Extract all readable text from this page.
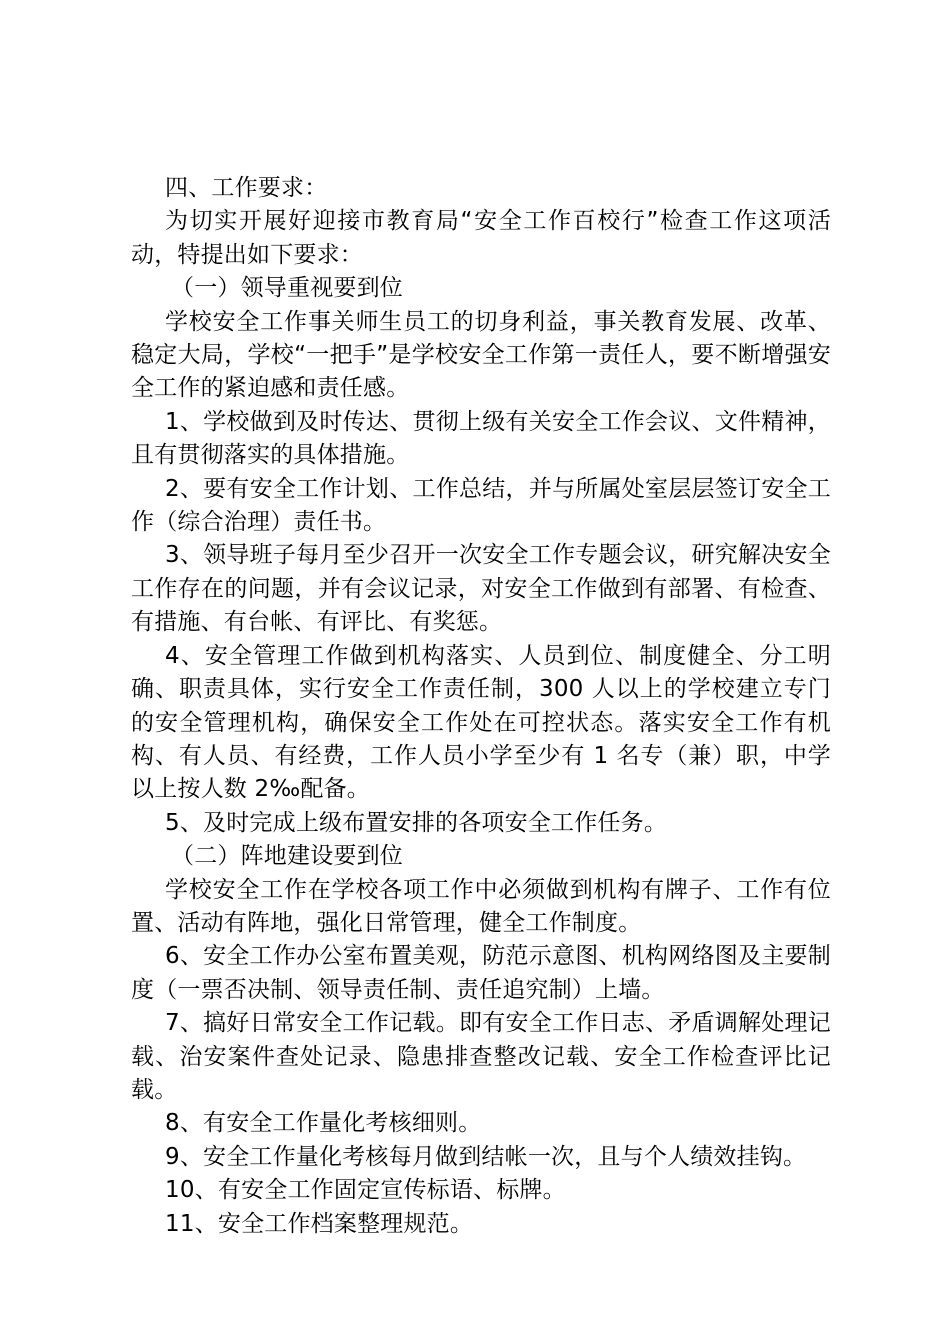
四、工作要求：

为切实开展好迎接市教育局“安全工作百校行”检查工作这项活动，特提出如下要求：

（一）领导重视要到位

学校安全工作事关师生员工的切身利益，事关教育发展、改革、稳定大局，学校“一把手”是学校安全工作第一责任人，要不断增强安全工作的紧迫感和责任感。

1、学校做到及时传达、贯彻上级有关安全工作会议、文件精神，且有贯彻落实的具体措施。

2、要有安全工作计划、工作总结，并与所属处室层层签订安全工作（综合治理）责任书。

3、领导班子每月至少召开一次安全工作专题会议，研究解决安全工作存在的问题，并有会议记录，对安全工作做到有部署、有检查、有措施、有台帐、有评比、有奖惩。

4、安全管理工作做到机构落实、人员到位、制度健全、分工明确、职责具体，实行安全工作责任制，300 人以上的学校建立专门的安全管理机构，确保安全工作处在可控状态。落实安全工作有机构、有人员、有经费，工作人员小学至少有 1 名专（兼）职，中学以上按人数 2‰配备。

5、及时完成上级布置安排的各项安全工作任务。

（二）阵地建设要到位

学校安全工作在学校各项工作中必须做到机构有牌子、工作有位置、活动有阵地，强化日常管理，健全工作制度。

6、安全工作办公室布置美观，防范示意图、机构网络图及主要制度（一票否决制、领导责任制、责任追究制）上墙。

7、搞好日常安全工作记载。即有安全工作日志、矛盾调解处理记载、治安案件查处记录、隐患排查整改记载、安全工作检查评比记载。

8、有安全工作量化考核细则。

9、安全工作量化考核每月做到结帐一次，且与个人绩效挂钩。

10、有安全工作固定宣传标语、标牌。

11、安全工作档案整理规范。
